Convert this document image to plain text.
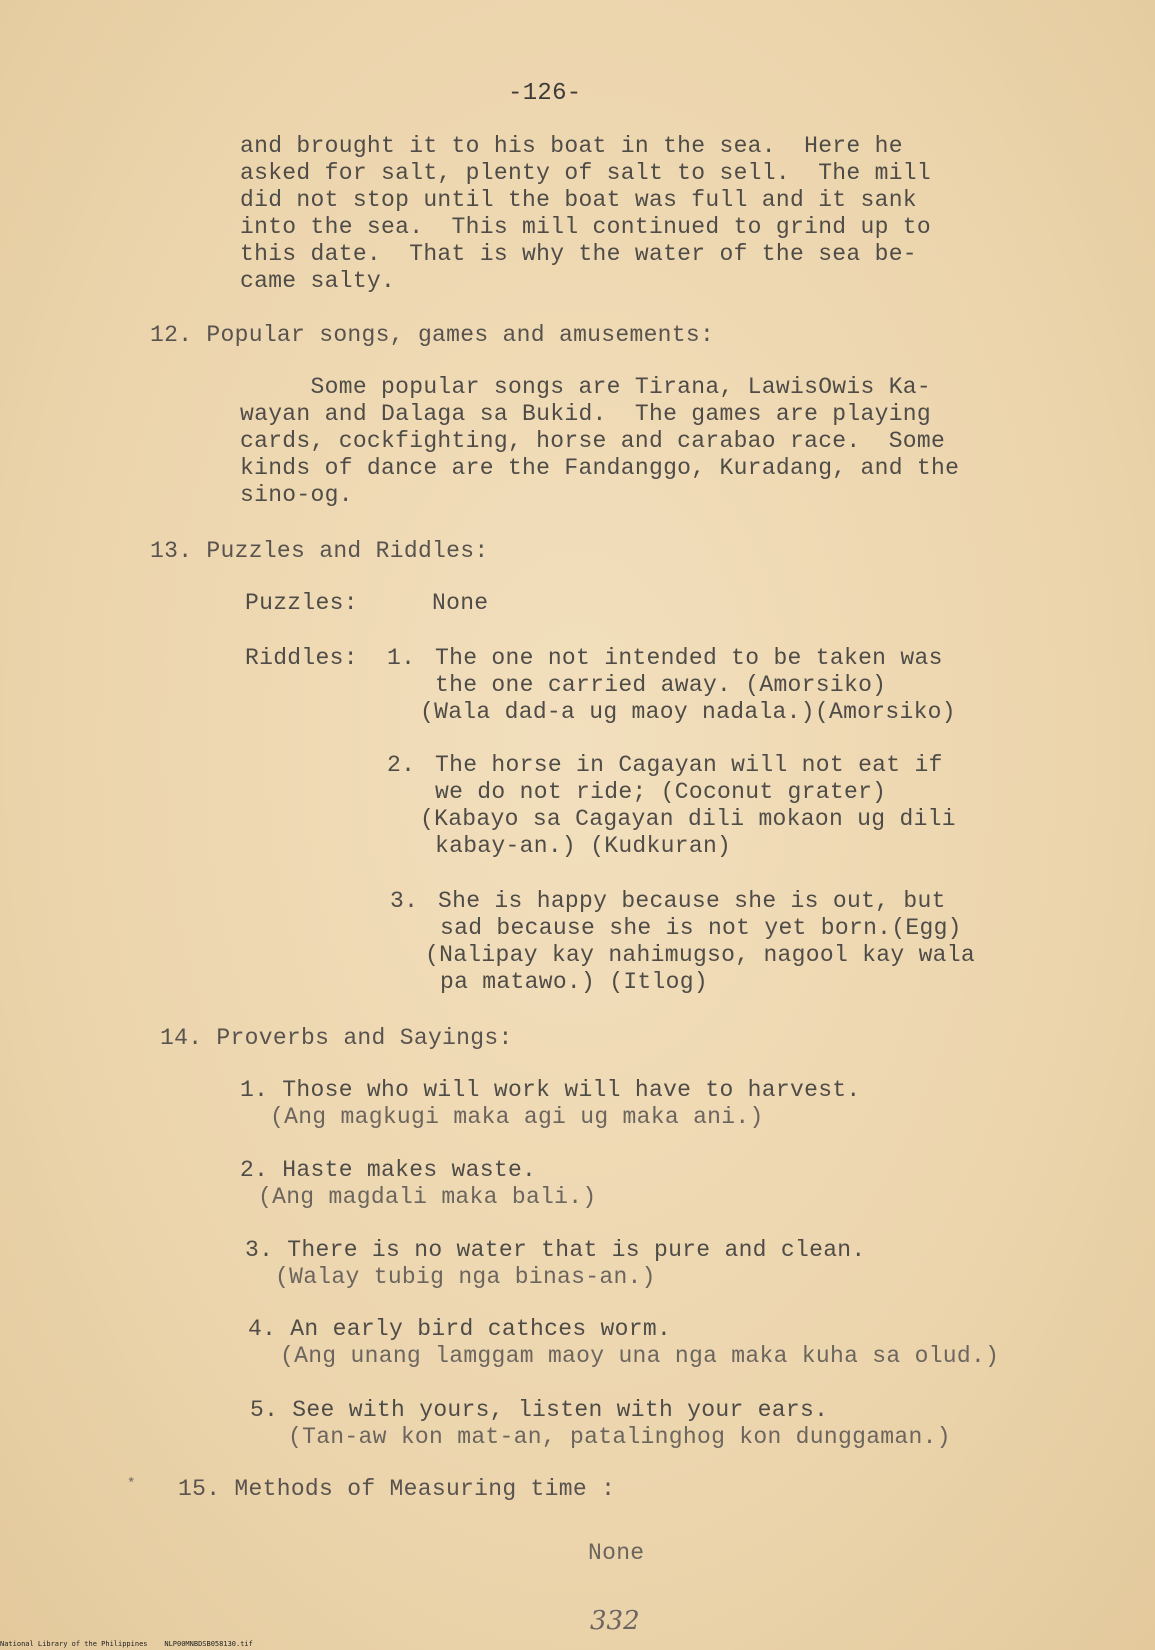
-126-
and brought it to his boat in the sea.  Here he
asked for salt, plenty of salt to sell.  The mill
did not stop until the boat was full and it sank
into the sea.  This mill continued to grind up to
this date.  That is why the water of the sea be-
came salty.
12. Popular songs, games and amusements:
Some popular songs are Tirana, LawisOwis Ka-
wayan and Dalaga sa Bukid.  The games are playing
cards, cockfighting, horse and carabao race.  Some
kinds of dance are the Fandanggo, Kuradang, and the
sino-og.
13. Puzzles and Riddles:
Puzzles:	None
Riddles: 1. The one not intended to be taken was
the one carried away. (Amorsiko)
(Wala dad-a ug maoy nadala.)(Amorsiko)
2. The horse in Cagayan will not eat if
we do not ride; (Coconut grater)
(Kabayo sa Cagayan dili mokaon ug dili
kabay-an.) (Kudkuran)
3. She is happy because she is out, but
sad because she is not yet born.(Egg)
(Nalipay kay nahimugso, nagool kay wala
pa matawo.) (Itlog)
14. Proverbs and Sayings:
1. Those who will work will have to harvest.
(Ang magkugi maka agi ug maka ani.)
2. Haste makes waste.
(Ang magdali maka bali.)
3. There is no water that is pure and clean.
(Walay tubig nga binas-an.)
4. An early bird cathces worm.
(Ang unang lamggam maoy una nga maka kuha sa olud.)
5. See with yours, listen with your ears.
(Tan-aw kon mat-an, patalinghog kon dunggaman.)
* 15. Methods of Measuring time :
None
332
National Library of the Philippines    NLP00MNBDSB058130.tif
